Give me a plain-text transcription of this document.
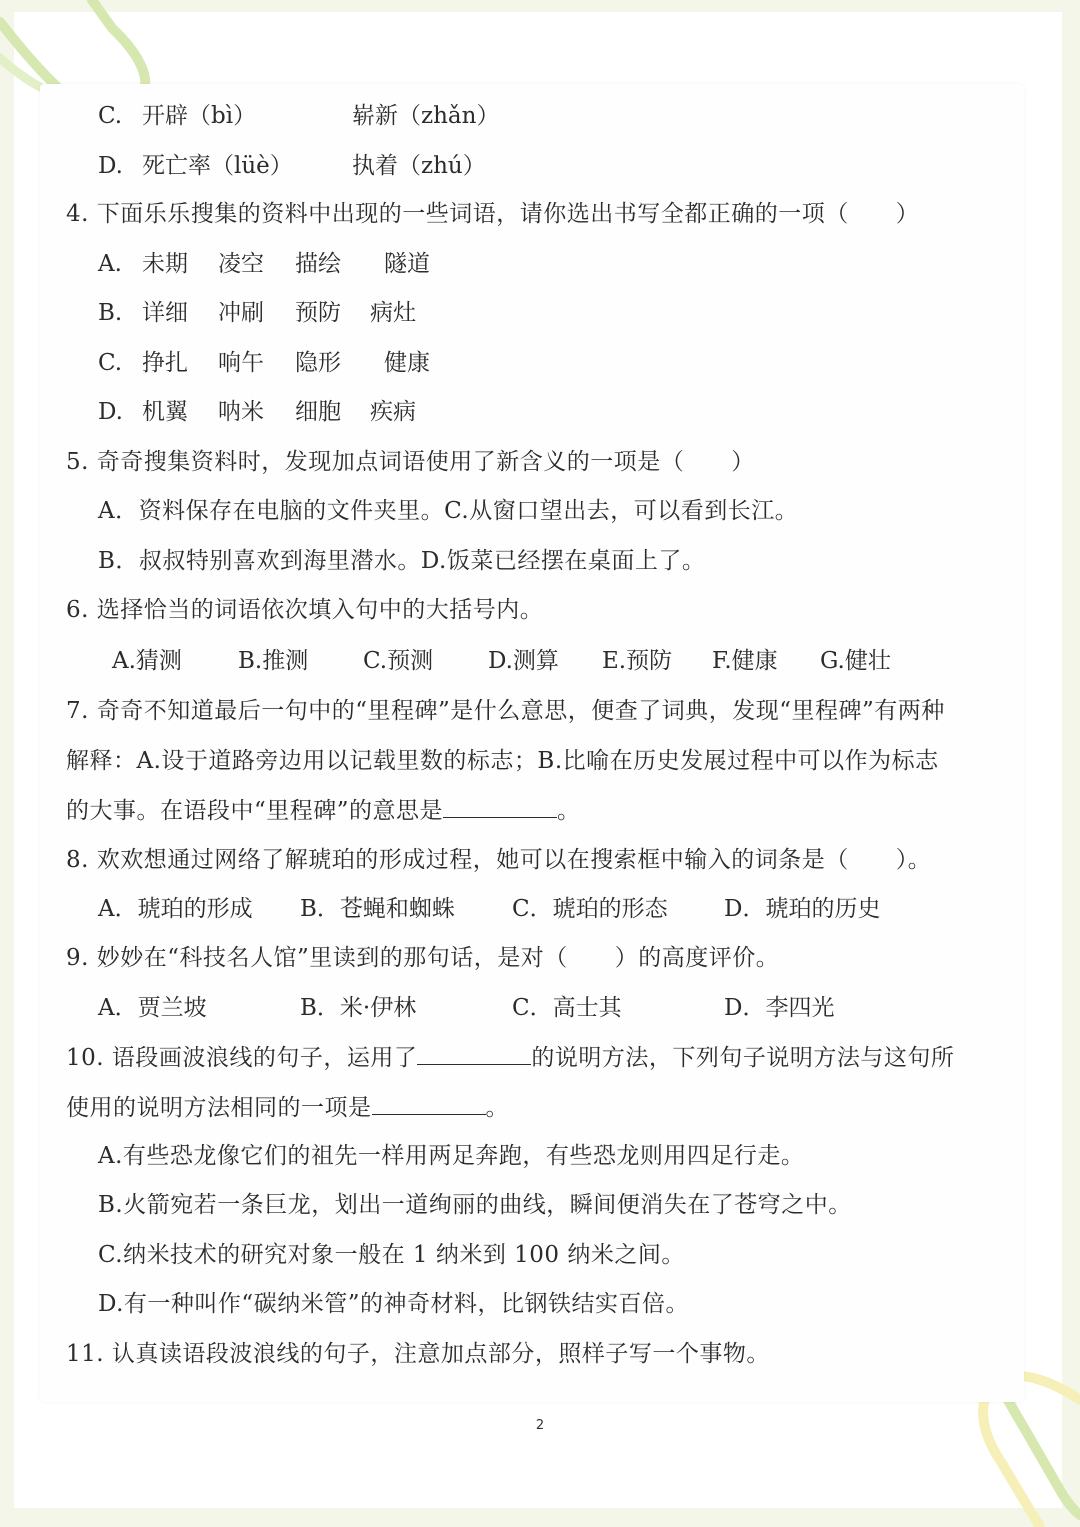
C. 开辟（bì）	崭新（zhǎn）
D. 死亡率（lüè）	执着（zhú）
4. 下面乐乐搜集的资料中出现的一些词语，请你选出书写全都正确的一项（　　）
A. 未期 凌空 描绘 隧道
B. 详细 冲刷 预防 病灶
C. 挣扎 响午 隐形 健康
D. 机翼 呐米 细胞 疾病
5. 奇奇搜集资料时，发现加点词语使用了新含义的一项是（　　）
A．资料保存在电脑的文件夹里。C.从窗口望出去，可以看到长江。
B．叔叔特别喜欢到海里潜水。D.饭菜已经摆在桌面上了。
6. 选择恰当的词语依次填入句中的大括号内。
A.猜测 B.推测 C.预测 D.测算 E.预防 F.健康 G.健壮
7. 奇奇不知道最后一句中的“里程碑”是什么意思，便查了词典，发现“里程碑”有两种
解释：A.设于道路旁边用以记载里数的标志；B.比喻在历史发展过程中可以作为标志
的大事。在语段中“里程碑”的意思是	。
8. 欢欢想通过网络了解琥珀的形成过程，她可以在搜索框中输入的词条是（　　）。
A．琥珀的形成 B．苍蝇和蜘蛛 C．琥珀的形态 D．琥珀的历史
9. 妙妙在“科技名人馆”里读到的那句话，是对（　　）的高度评价。
A．贾兰坡	B．米·伊林	C．高士其	D．李四光
10. 语段画波浪线的句子，运用了	的说明方法，下列句子说明方法与这句所
使用的说明方法相同的一项是	。
A.有些恐龙像它们的祖先一样用两足奔跑，有些恐龙则用四足行走。
B.火箭宛若一条巨龙，划出一道绚丽的曲线，瞬间便消失在了苍穹之中。
C.纳米技术的研究对象一般在 1 纳米到 100 纳米之间。
D.有一种叫作“碳纳米管”的神奇材料，比钢铁结实百倍。
11. 认真读语段波浪线的句子，注意加点部分，照样子写一个事物。
2
